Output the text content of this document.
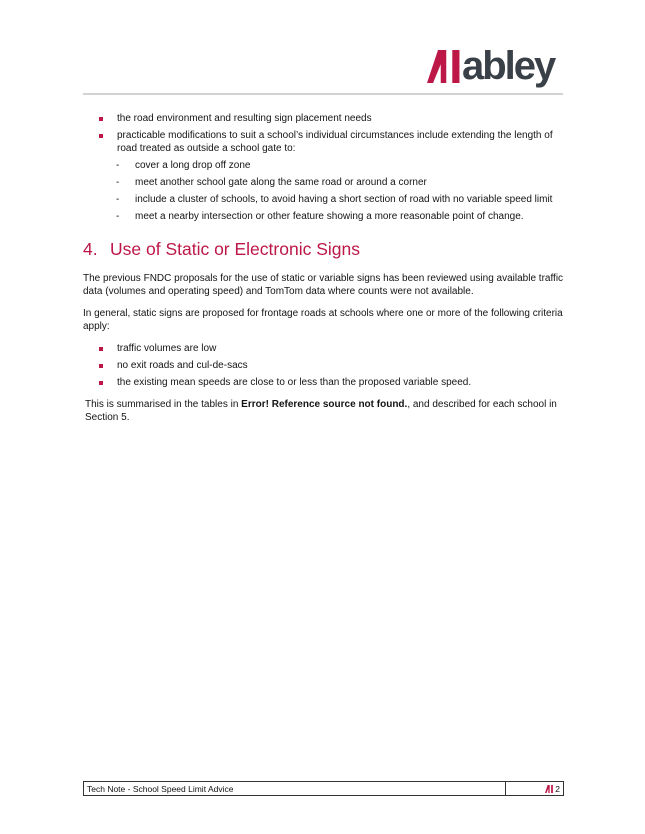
abley
the road environment and resulting sign placement needs
practicable modifications to suit a school’s individual circumstances include extending the length of road treated as outside a school gate to:
-	cover a long drop off zone
-	meet another school gate along the same road or around a corner
-	include a cluster of schools, to avoid having a short section of road with no variable speed limit
-	meet a nearby intersection or other feature showing a more reasonable point of change.
4. Use of Static or Electronic Signs

The previous FNDC proposals for the use of static or variable signs has been reviewed using available traffic data (volumes and operating speed) and TomTom data where counts were not available.

In general, static signs are proposed for frontage roads at schools where one or more of the following criteria apply:

traffic volumes are low
no exit roads and cul-de-sacs
the existing mean speeds are close to or less than the proposed variable speed.

This is summarised in the tables in Error! Reference source not found., and described for each school in Section 5.

Tech Note - School Speed Limit Advice	2
